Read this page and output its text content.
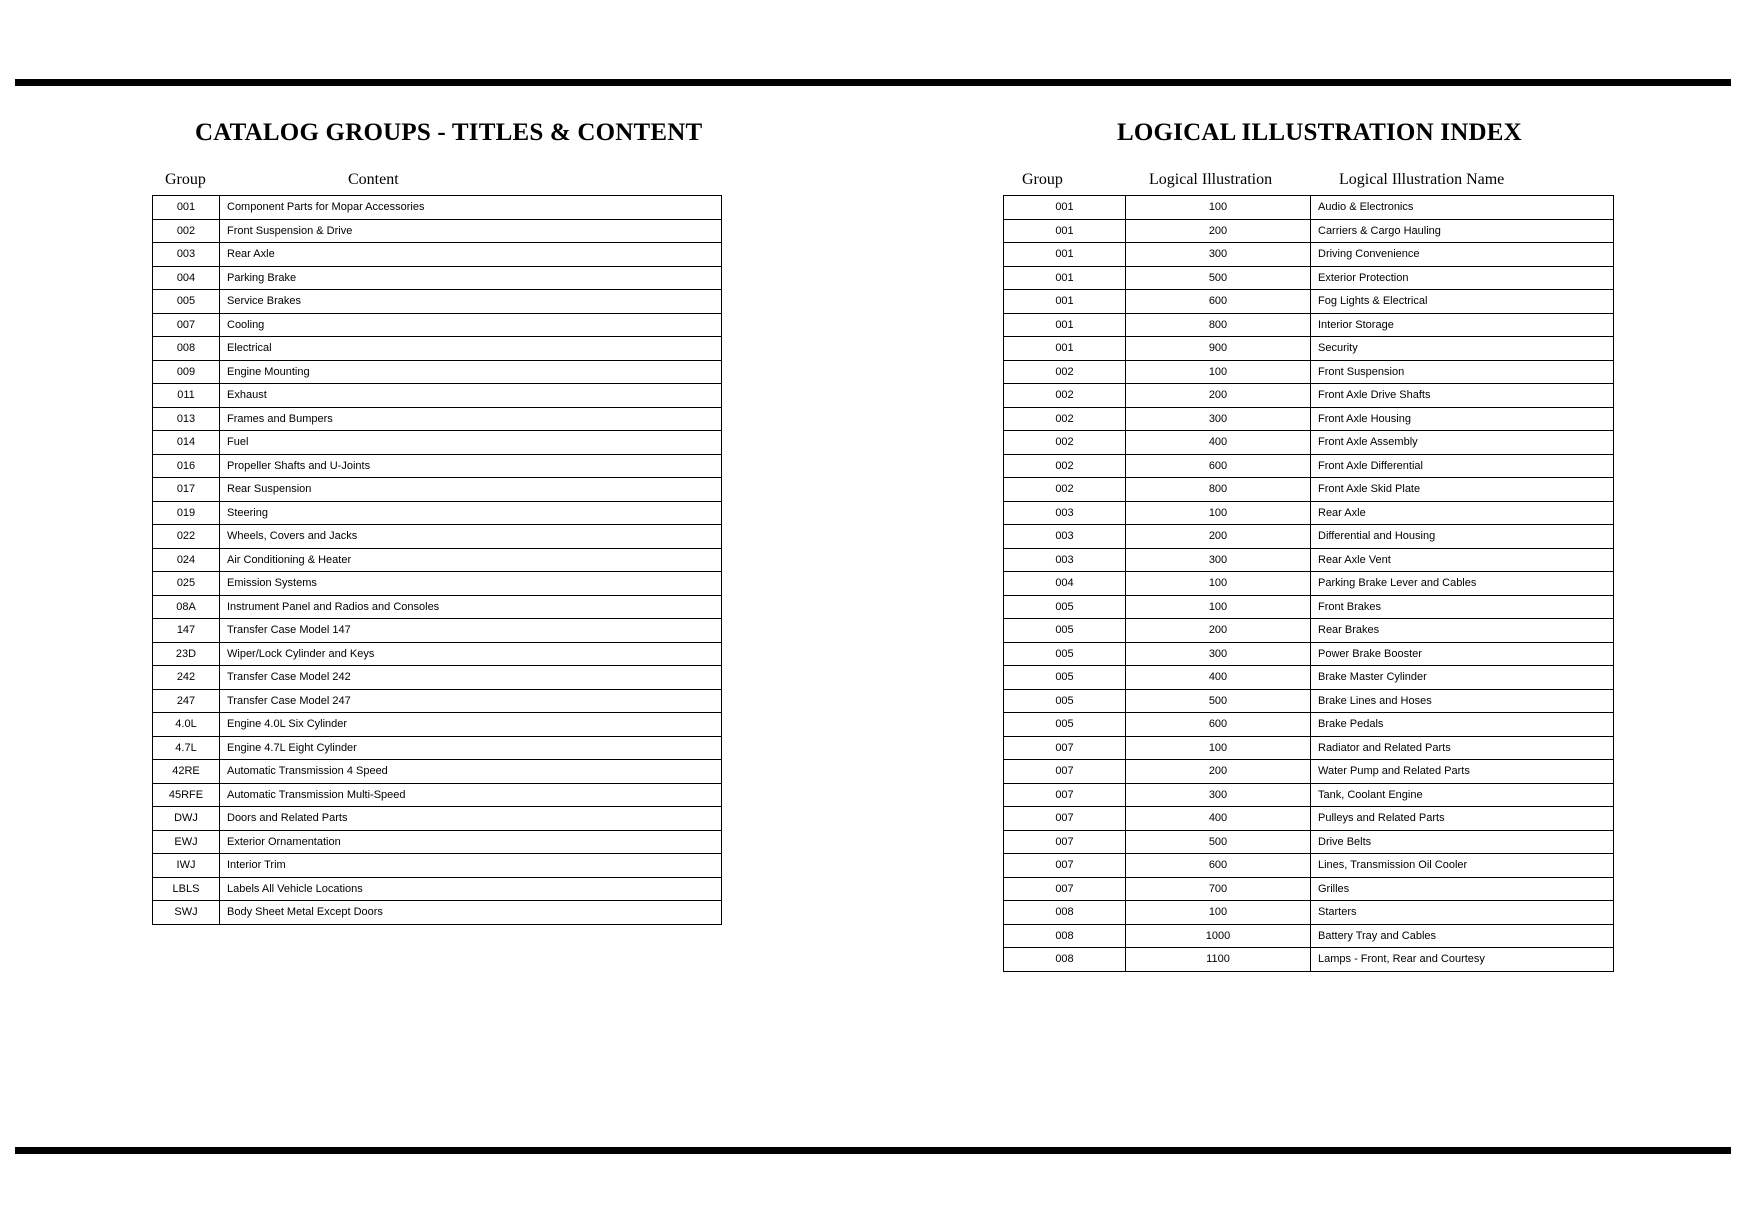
CATALOG GROUPS - TITLES & CONTENT	LOGICAL ILLUSTRATION INDEX
Group	Content	Group	Logical Illustration	Logical Illustration Name
001	Component Parts for Mopar Accessories
002	Front Suspension & Drive
003	Rear Axle
004	Parking Brake
005	Service Brakes
007	Cooling
008	Electrical
009	Engine Mounting
011	Exhaust
013	Frames and Bumpers
014	Fuel
016	Propeller Shafts and U-Joints
017	Rear Suspension
019	Steering
022	Wheels, Covers and Jacks
024	Air Conditioning & Heater
025	Emission Systems
08A	Instrument Panel and Radios and Consoles
147	Transfer Case Model 147
23D	Wiper/Lock Cylinder and Keys
242	Transfer Case Model 242
247	Transfer Case Model 247
4.0L	Engine 4.0L Six Cylinder
4.7L	Engine 4.7L Eight Cylinder
42RE	Automatic Transmission 4 Speed
45RFE	Automatic Transmission Multi-Speed
DWJ	Doors and Related Parts
EWJ	Exterior Ornamentation
IWJ	Interior Trim
LBLS	Labels All Vehicle Locations
SWJ	Body Sheet Metal Except Doors
001	100	Audio & Electronics
001	200	Carriers & Cargo Hauling
001	300	Driving Convenience
001	500	Exterior Protection
001	600	Fog Lights & Electrical
001	800	Interior Storage
001	900	Security
002	100	Front Suspension
002	200	Front Axle Drive Shafts
002	300	Front Axle Housing
002	400	Front Axle Assembly
002	600	Front Axle Differential
002	800	Front Axle Skid Plate
003	100	Rear Axle
003	200	Differential and Housing
003	300	Rear Axle Vent
004	100	Parking Brake Lever and Cables
005	100	Front Brakes
005	200	Rear Brakes
005	300	Power Brake Booster
005	400	Brake Master Cylinder
005	500	Brake Lines and Hoses
005	600	Brake Pedals
007	100	Radiator and Related Parts
007	200	Water Pump and Related Parts
007	300	Tank, Coolant Engine
007	400	Pulleys and Related Parts
007	500	Drive Belts
007	600	Lines, Transmission Oil Cooler
007	700	Grilles
008	100	Starters
008	1000	Battery Tray and Cables
008	1100	Lamps - Front, Rear and Courtesy
